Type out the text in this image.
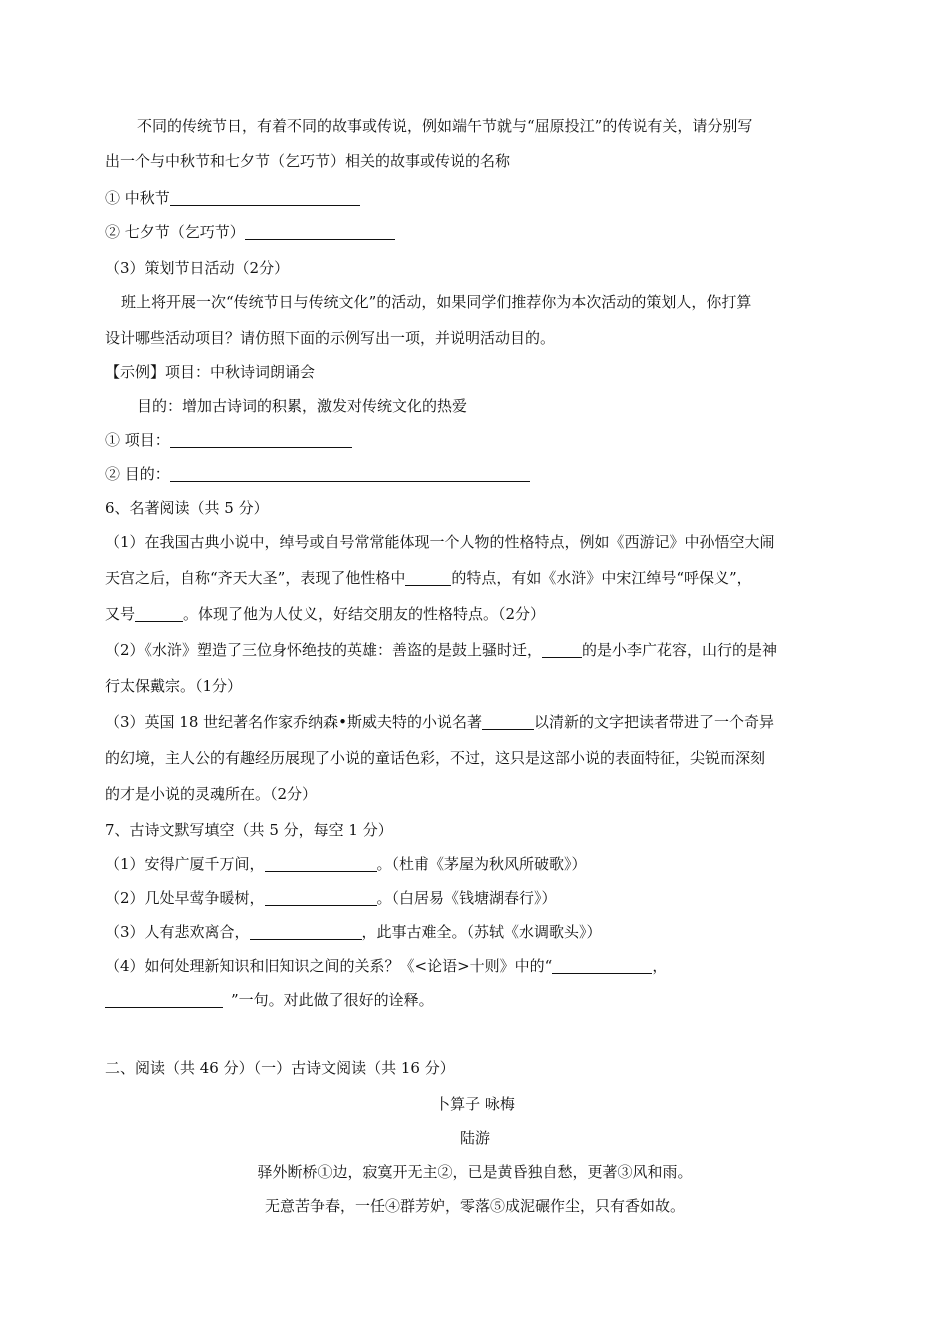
不同的传统节日，有着不同的故事或传说，例如端午节就与“屈原投江”的传说有关，请分别写
出一个与中秋节和七夕节（乞巧节）相关的故事或传说的名称
① 中秋节
② 七夕节（乞巧节）
（3）策划节日活动（2分）
班上将开展一次“传统节日与传统文化”的活动，如果同学们推荐你为本次活动的策划人，你打算
设计哪些活动项目？请仿照下面的示例写出一项，并说明活动目的。
【示例】项目：中秋诗词朗诵会
目的：增加古诗词的积累，激发对传统文化的热爱
① 项目：
② 目的：
6、名著阅读（共 5 分）
（1）在我国古典小说中，绰号或自号常常能体现一个人物的性格特点，例如《西游记》中孙悟空大闹
天宫之后，自称“齐天大圣”，表现了他性格中	的特点，有如《水浒》中宋江绰号“呼保义”，
又号	。体现了他为人仗义，好结交朋友的性格特点。（2分）
（2）《水浒》塑造了三位身怀绝技的英雄：善盗的是鼓上骚时迁，	的是小李广花容，山行的是神
行太保戴宗。（1分）
（3）英国 18 世纪著名作家乔纳森•斯威夫特的小说名著	以清新的文字把读者带进了一个奇异
的幻境，主人公的有趣经历展现了小说的童话色彩，不过，这只是这部小说的表面特征，尖锐而深刻
的才是小说的灵魂所在。（2分）
7、古诗文默写填空（共 5 分，每空 1 分）
（1）安得广厦千万间，	。（杜甫《茅屋为秋风所破歌》）
（2）几处早莺争暖树，	。（白居易《钱塘湖春行》）
（3）人有悲欢离合，	，此事古难全。（苏轼《水调歌头》）
（4）如何处理新知识和旧知识之间的关系？《<论语>十则》中的“	，
”一句。对此做了很好的诠释。
二、阅读（共 46 分）（一）古诗文阅读（共 16 分）
卜算子 咏梅
陆游
驿外断桥①边，寂寞开无主②，已是黄昏独自愁，更著③风和雨。
无意苦争春，一任④群芳妒，零落⑤成泥碾作尘，只有香如故。
